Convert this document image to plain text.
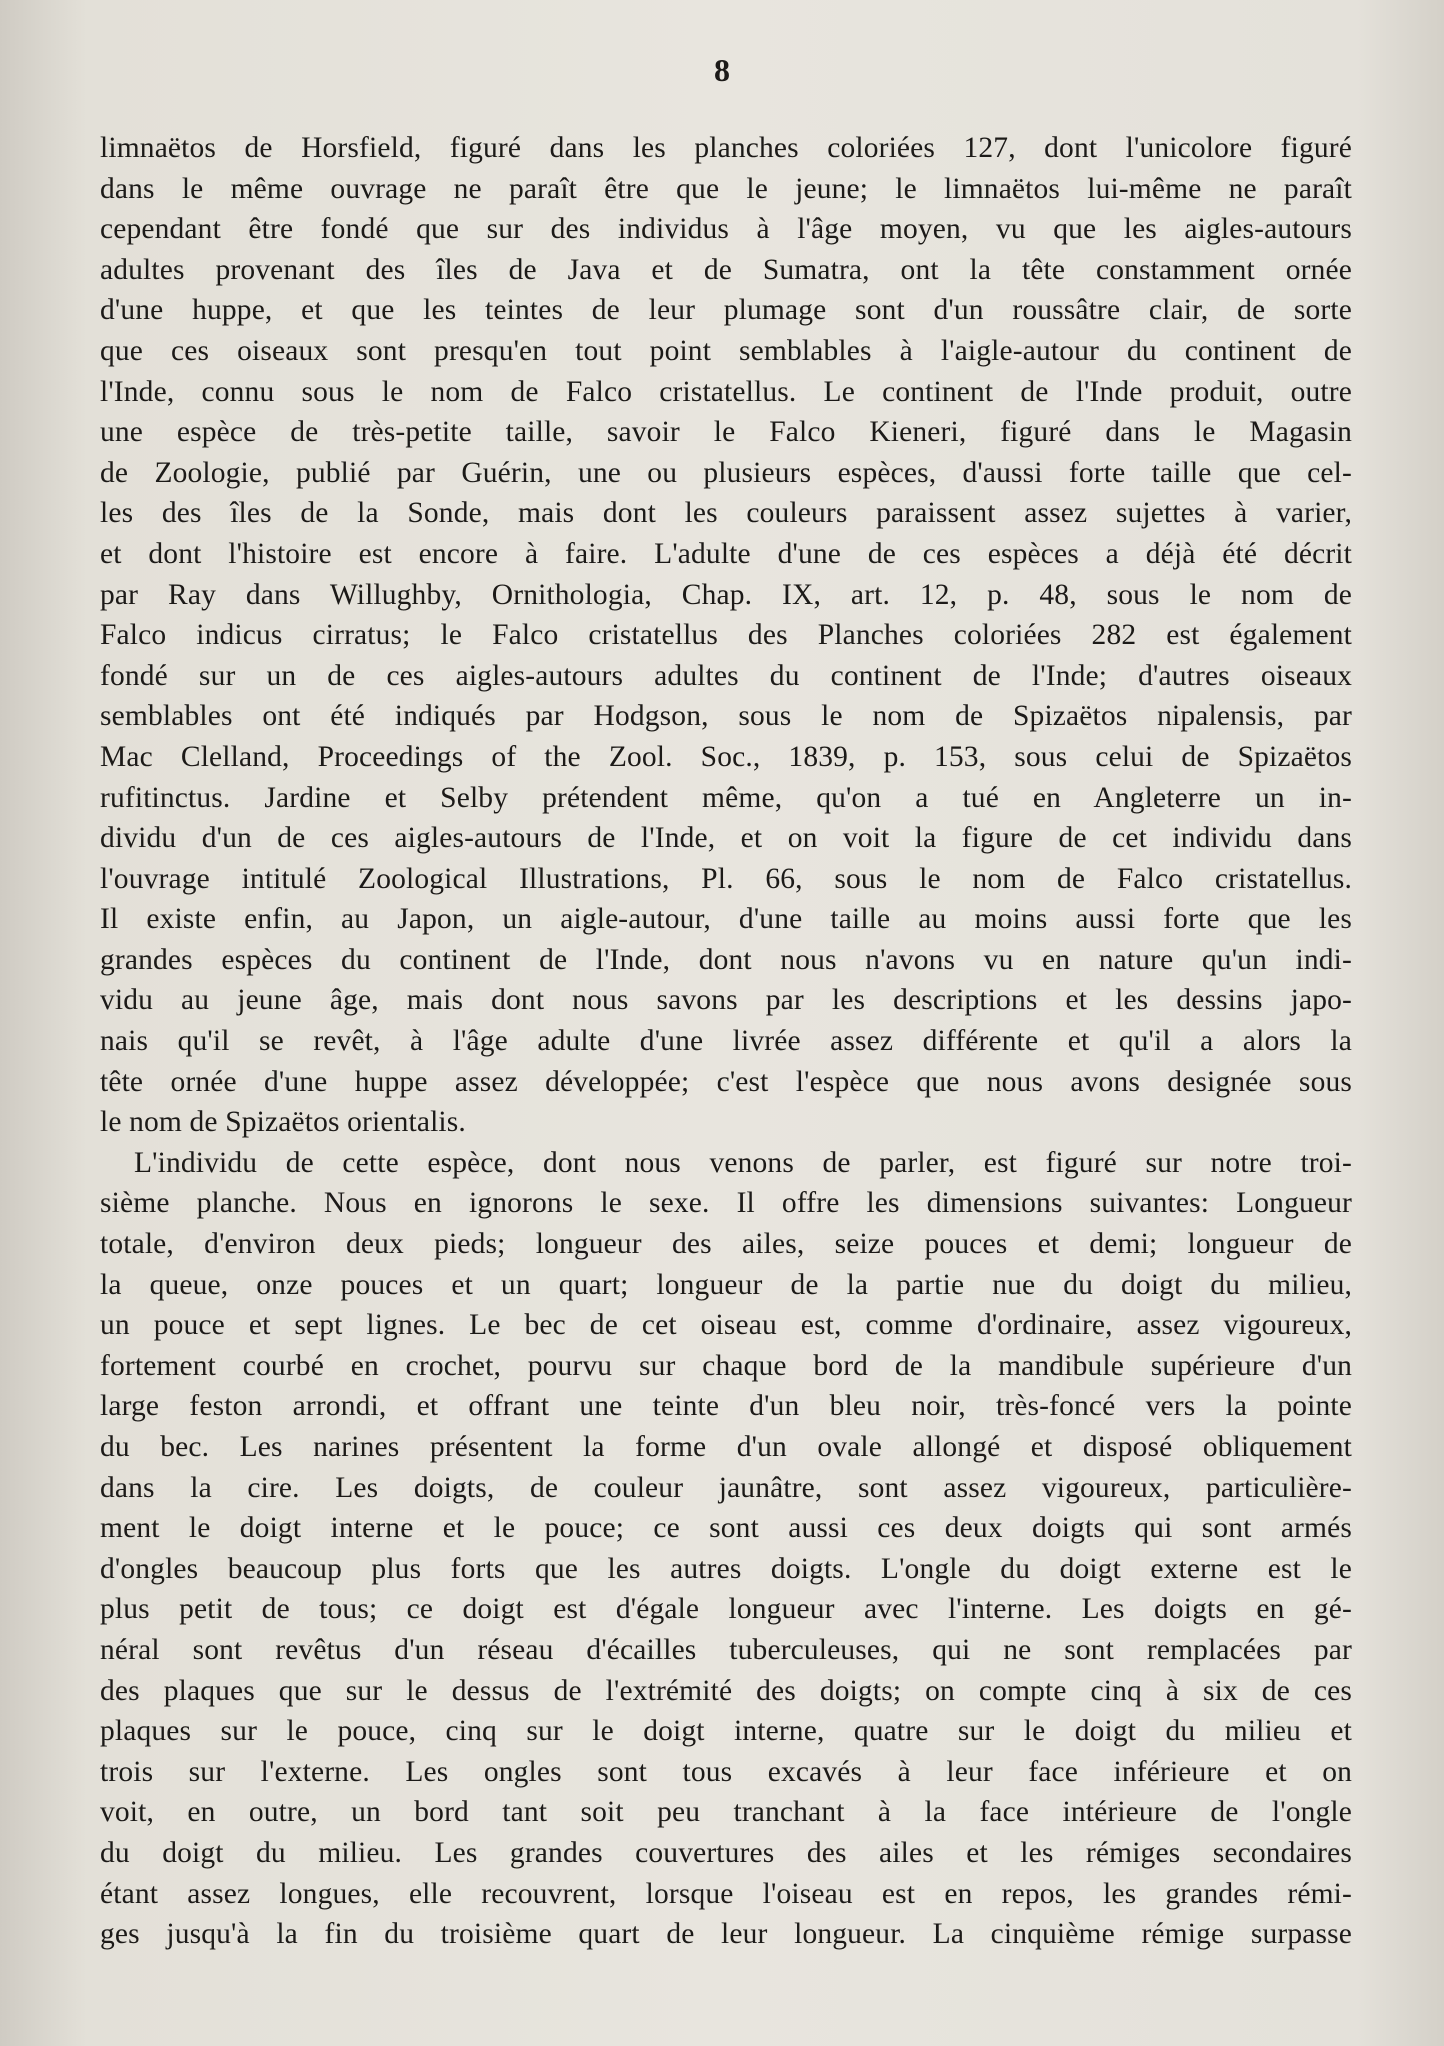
8
limnaëtos de Horsfield, figuré dans les planches coloriées 127, dont l'unicolore figuré
dans le même ouvrage ne paraît être que le jeune; le limnaëtos lui-même ne paraît
cependant être fondé que sur des individus à l'âge moyen, vu que les aigles-autours
adultes provenant des îles de Java et de Sumatra, ont la tête constamment ornée
d'une huppe, et que les teintes de leur plumage sont d'un roussâtre clair, de sorte
que ces oiseaux sont presqu'en tout point semblables à l'aigle-autour du continent de
l'Inde, connu sous le nom de Falco cristatellus. Le continent de l'Inde produit, outre
une espèce de très-petite taille, savoir le Falco Kieneri, figuré dans le Magasin
de Zoologie, publié par Guérin, une ou plusieurs espèces, d'aussi forte taille que cel-
les des îles de la Sonde, mais dont les couleurs paraissent assez sujettes à varier,
et dont l'histoire est encore à faire. L'adulte d'une de ces espèces a déjà été décrit
par Ray dans Willughby, Ornithologia, Chap. IX, art. 12, p. 48, sous le nom de
Falco indicus cirratus; le Falco cristatellus des Planches coloriées 282 est également
fondé sur un de ces aigles-autours adultes du continent de l'Inde; d'autres oiseaux
semblables ont été indiqués par Hodgson, sous le nom de Spizaëtos nipalensis, par
Mac Clelland, Proceedings of the Zool. Soc., 1839, p. 153, sous celui de Spizaëtos
rufitinctus. Jardine et Selby prétendent même, qu'on a tué en Angleterre un in-
dividu d'un de ces aigles-autours de l'Inde, et on voit la figure de cet individu dans
l'ouvrage intitulé Zoological Illustrations, Pl. 66, sous le nom de Falco cristatellus.
Il existe enfin, au Japon, un aigle-autour, d'une taille au moins aussi forte que les
grandes espèces du continent de l'Inde, dont nous n'avons vu en nature qu'un indi-
vidu au jeune âge, mais dont nous savons par les descriptions et les dessins japo-
nais qu'il se revêt, à l'âge adulte d'une livrée assez différente et qu'il a alors la
tête ornée d'une huppe assez développée; c'est l'espèce que nous avons designée sous
le nom de Spizaëtos orientalis.
L'individu de cette espèce, dont nous venons de parler, est figuré sur notre troi-
sième planche. Nous en ignorons le sexe. Il offre les dimensions suivantes: Longueur
totale, d'environ deux pieds; longueur des ailes, seize pouces et demi; longueur de
la queue, onze pouces et un quart; longueur de la partie nue du doigt du milieu,
un pouce et sept lignes. Le bec de cet oiseau est, comme d'ordinaire, assez vigoureux,
fortement courbé en crochet, pourvu sur chaque bord de la mandibule supérieure d'un
large feston arrondi, et offrant une teinte d'un bleu noir, très-foncé vers la pointe
du bec. Les narines présentent la forme d'un ovale allongé et disposé obliquement
dans la cire. Les doigts, de couleur jaunâtre, sont assez vigoureux, particulière-
ment le doigt interne et le pouce; ce sont aussi ces deux doigts qui sont armés
d'ongles beaucoup plus forts que les autres doigts. L'ongle du doigt externe est le
plus petit de tous; ce doigt est d'égale longueur avec l'interne. Les doigts en gé-
néral sont revêtus d'un réseau d'écailles tuberculeuses, qui ne sont remplacées par
des plaques que sur le dessus de l'extrémité des doigts; on compte cinq à six de ces
plaques sur le pouce, cinq sur le doigt interne, quatre sur le doigt du milieu et
trois sur l'externe. Les ongles sont tous excavés à leur face inférieure et on
voit, en outre, un bord tant soit peu tranchant à la face intérieure de l'ongle
du doigt du milieu. Les grandes couvertures des ailes et les rémiges secondaires
étant assez longues, elle recouvrent, lorsque l'oiseau est en repos, les grandes rémi-
ges jusqu'à la fin du troisième quart de leur longueur. La cinquième rémige surpasse
